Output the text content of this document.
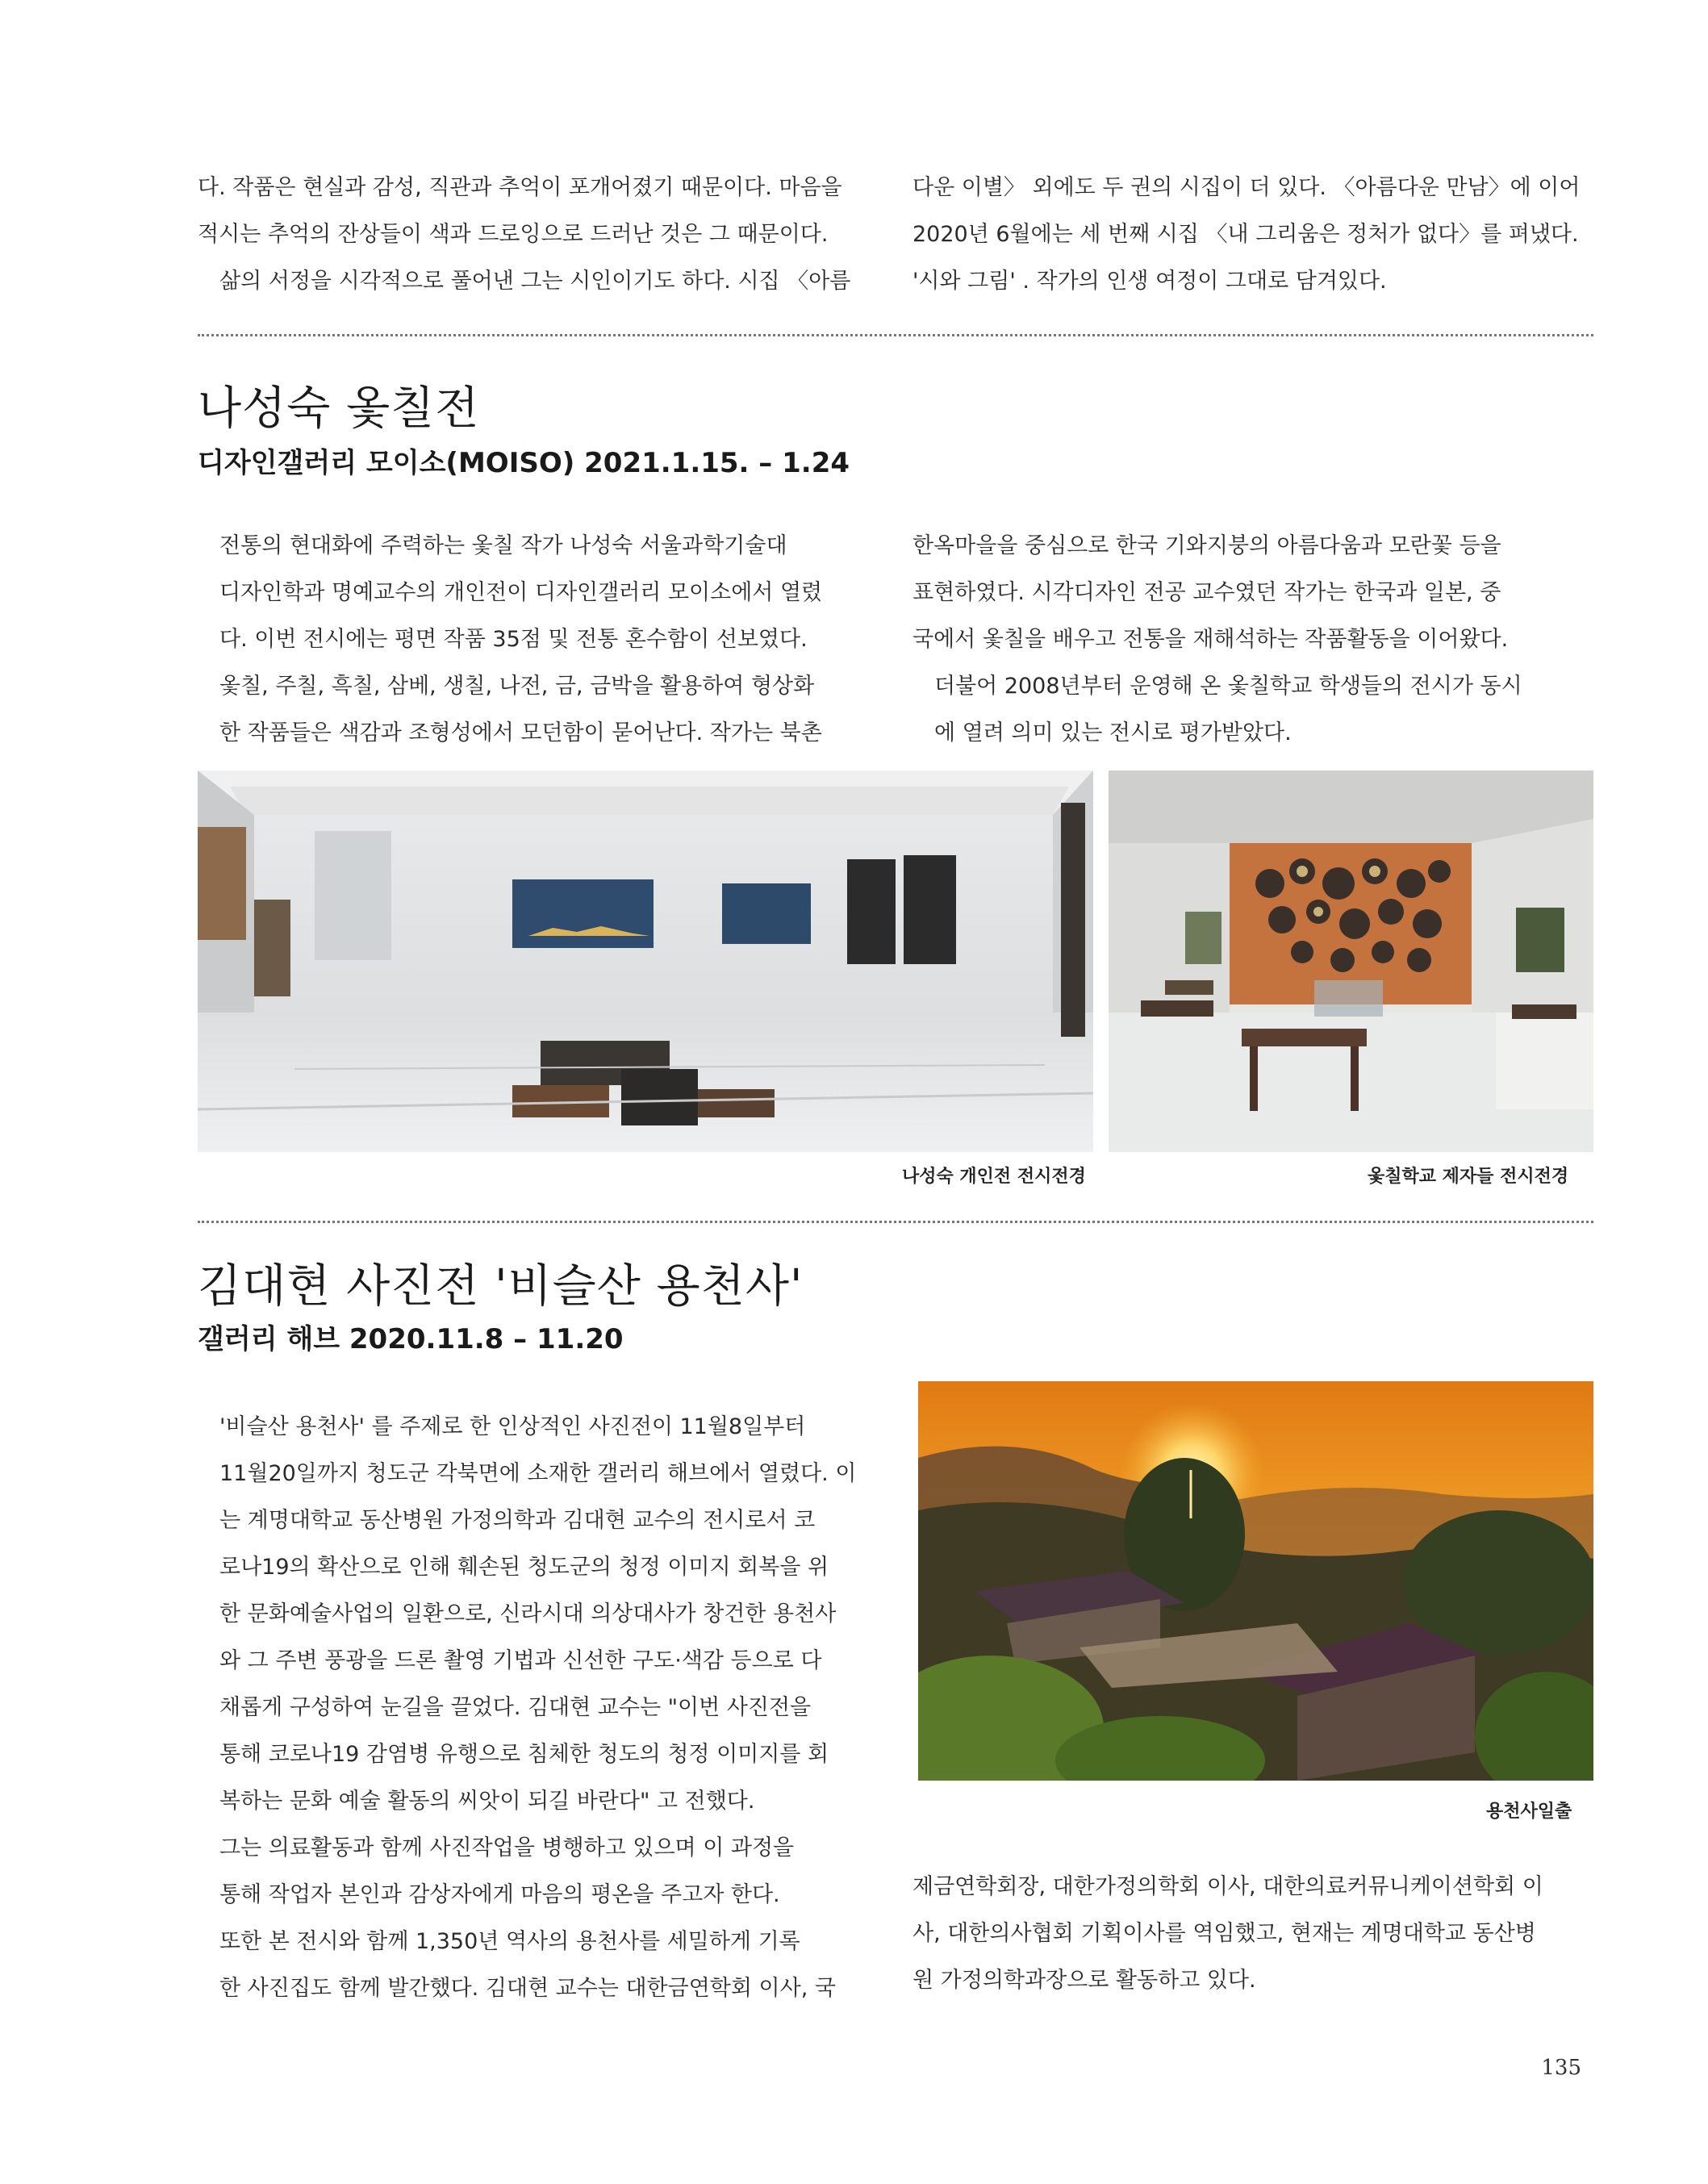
다. 작품은 현실과 감성, 직관과 추억이 포개어졌기 때문이다. 마음을
적시는 추억의 잔상들이 색과 드로잉으로 드러난 것은 그 때문이다.

삶의 서정을 시각적으로 풀어낸 그는 시인이기도 하다. 시집 〈아름

다운 이별〉 외에도 두 권의 시집이 더 있다. 〈아름다운 만남〉에 이어
2020년 6월에는 세 번째 시집 〈내 그리움은 정처가 없다〉를 펴냈다.
'시와 그림' . 작가의 인생 여정이 그대로 담겨있다.

나성숙 옻칠전
디자인갤러리 모이소(MOISO) 2021.1.15. – 1.24

전통의 현대화에 주력하는 옻칠 작가 나성숙 서울과학기술대
디자인학과 명예교수의 개인전이 디자인갤러리 모이소에서 열렸
다. 이번 전시에는 평면 작품 35점 및 전통 혼수함이 선보였다.
옻칠, 주칠, 흑칠, 삼베, 생칠, 나전, 금, 금박을 활용하여 형상화
한 작품들은 색감과 조형성에서 모던함이 묻어난다. 작가는 북촌

한옥마을을 중심으로 한국 기와지붕의 아름다움과 모란꽃 등을
표현하였다. 시각디자인 전공 교수였던 작가는 한국과 일본, 중
국에서 옻칠을 배우고 전통을 재해석하는 작품활동을 이어왔다.

더불어 2008년부터 운영해 온 옻칠학교 학생들의 전시가 동시
에 열려 의미 있는 전시로 평가받았다.

나성숙 개인전 전시전경	옻칠학교 제자들 전시전경
김대현 사진전 '비슬산 용천사'
갤러리 해브 2020.11.8 – 11.20

'비슬산 용천사' 를 주제로 한 인상적인 사진전이 11월8일부터
11월20일까지 청도군 각북면에 소재한 갤러리 해브에서 열렸다. 이
는 계명대학교 동산병원 가정의학과 김대현 교수의 전시로서 코
로나19의 확산으로 인해 훼손된 청도군의 청정 이미지 회복을 위
한 문화예술사업의 일환으로, 신라시대 의상대사가 창건한 용천사
와 그 주변 풍광을 드론 촬영 기법과 신선한 구도·색감 등으로 다
채롭게 구성하여 눈길을 끌었다. 김대현 교수는 "이번 사진전을
통해 코로나19 감염병 유행으로 침체한 청도의 청정 이미지를 회
복하는 문화 예술 활동의 씨앗이 되길 바란다" 고 전했다.

그는 의료활동과 함께 사진작업을 병행하고 있으며 이 과정을
통해 작업자 본인과 감상자에게 마음의 평온을 주고자 한다.

또한 본 전시와 함께 1,350년 역사의 용천사를 세밀하게 기록
한 사진집도 함께 발간했다. 김대현 교수는 대한금연학회 이사, 국

용천사일출

제금연학회장, 대한가정의학회 이사, 대한의료커뮤니케이션학회 이
사, 대한의사협회 기획이사를 역임했고, 현재는 계명대학교 동산병
원 가정의학과장으로 활동하고 있다.

135
